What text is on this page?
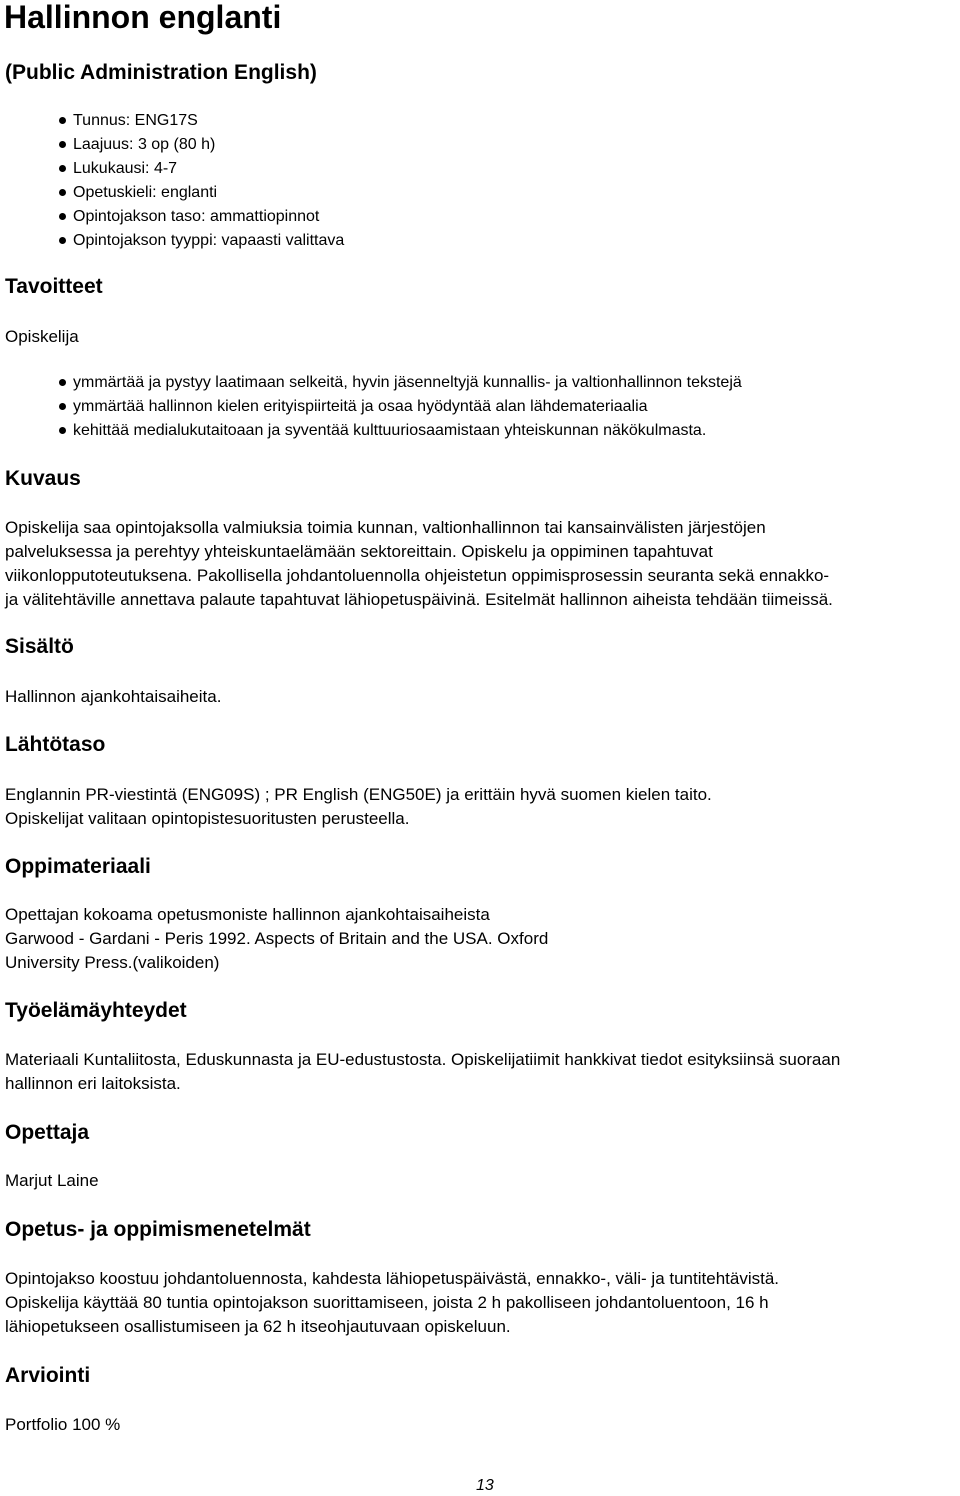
Hallinnon englanti
(Public Administration English)
Tunnus: ENG17S
Laajuus: 3 op (80 h)
Lukukausi: 4-7
Opetuskieli: englanti
Opintojakson taso: ammattiopinnot
Opintojakson tyyppi: vapaasti valittava
Tavoitteet
Opiskelija
ymmärtää ja pystyy laatimaan selkeitä, hyvin jäsenneltyjä kunnallis- ja valtionhallinnon tekstejä
ymmärtää hallinnon kielen erityispiirteitä ja osaa hyödyntää alan lähdemateriaalia
kehittää medialukutaitoaan ja syventää kulttuuriosaamistaan yhteiskunnan näkökulmasta.
Kuvaus
Opiskelija saa opintojaksolla valmiuksia toimia kunnan, valtionhallinnon tai kansainvälisten järjestöjen
palveluksessa ja perehtyy yhteiskuntaelämään sektoreittain. Opiskelu ja oppiminen tapahtuvat
viikonlopputoteutuksena. Pakollisella johdantoluennolla ohjeistetun oppimisprosessin seuranta sekä ennakko-
ja välitehtäville annettava palaute tapahtuvat lähiopetuspäivinä. Esitelmät hallinnon aiheista tehdään tiimeissä.
Sisältö
Hallinnon ajankohtaisaiheita.
Lähtötaso
Englannin PR-viestintä (ENG09S) ; PR English (ENG50E) ja erittäin hyvä suomen kielen taito.
Opiskelijat valitaan opintopistesuoritusten perusteella.
Oppimateriaali
Opettajan kokoama opetusmoniste hallinnon ajankohtaisaiheista
Garwood - Gardani - Peris 1992. Aspects of Britain and the USA. Oxford
University Press.(valikoiden)
Työelämäyhteydet
Materiaali Kuntaliitosta, Eduskunnasta ja EU-edustustosta. Opiskelijatiimit hankkivat tiedot esityksiinsä suoraan
hallinnon eri laitoksista.
Opettaja
Marjut Laine
Opetus- ja oppimismenetelmät
Opintojakso koostuu johdantoluennosta, kahdesta lähiopetuspäivästä, ennakko-, väli- ja tuntitehtävistä.
Opiskelija käyttää 80 tuntia opintojakson suorittamiseen, joista 2 h pakolliseen johdantoluentoon, 16 h
lähiopetukseen osallistumiseen ja 62 h itseohjautuvaan opiskeluun.
Arviointi
Portfolio 100 %
13
